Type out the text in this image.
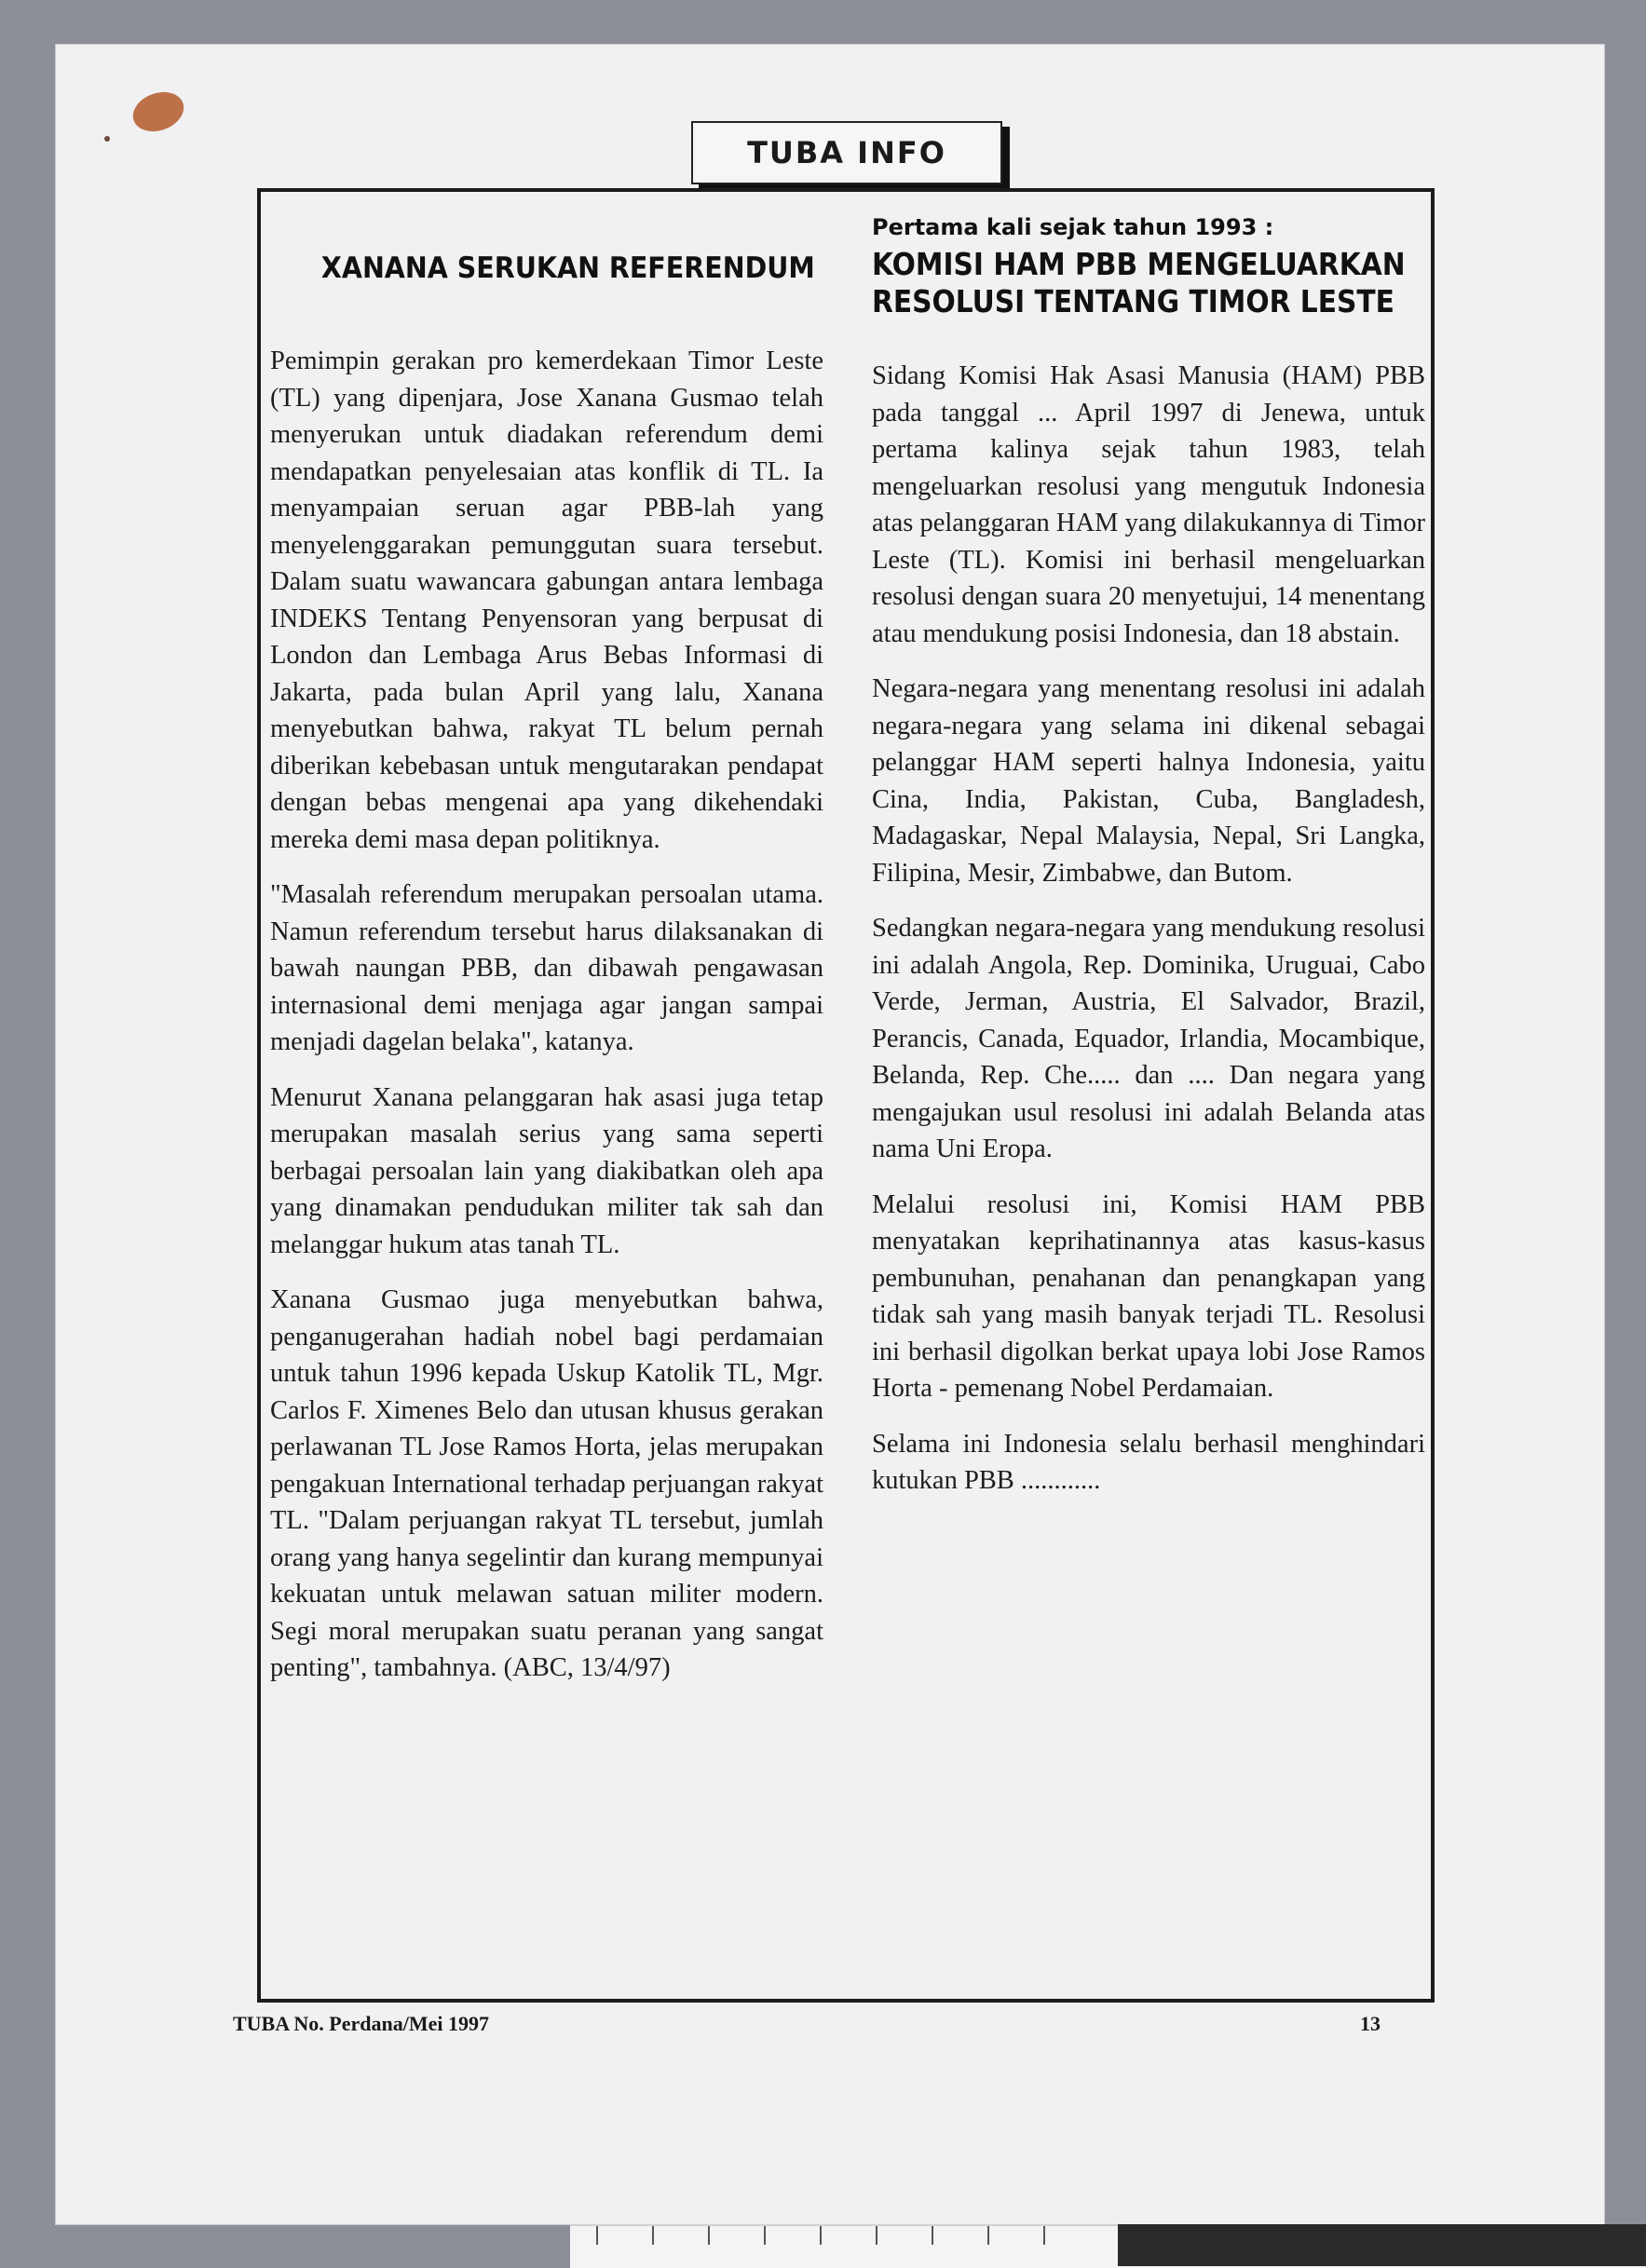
TUBA INFO
XANANA SERUKAN REFERENDUM

Pemimpin gerakan pro kemerdekaan Timor Leste (TL) yang dipenjara, Jose Xanana Gusmao telah menyerukan untuk diadakan referendum demi mendapatkan penyelesaian atas konflik di TL. Ia menyampaian seruan agar PBB-lah yang menyelenggarakan pemunggutan suara tersebut. Dalam suatu wawancara gabungan antara lembaga INDEKS Tentang Penyensoran yang berpusat di London dan Lembaga Arus Bebas Informasi di Jakarta, pada bulan April yang lalu, Xanana menyebutkan bahwa, rakyat TL belum pernah diberikan kebebasan untuk mengutarakan pendapat dengan bebas mengenai apa yang dikehendaki mereka demi masa depan politiknya.

"Masalah referendum merupakan persoalan utama. Namun referendum tersebut harus dilaksanakan di bawah naungan PBB, dan dibawah pengawasan internasional demi menjaga agar jangan sampai menjadi dagelan belaka", katanya.

Menurut Xanana pelanggaran hak asasi juga tetap merupakan masalah serius yang sama seperti berbagai persoalan lain yang diakibatkan oleh apa yang dinamakan pendudukan militer tak sah dan melanggar hukum atas tanah TL.

Xanana Gusmao juga menyebutkan bahwa, penganugerahan hadiah nobel bagi perdamaian untuk tahun 1996 kepada Uskup Katolik TL, Mgr. Carlos F. Ximenes Belo dan utusan khusus gerakan perlawanan TL Jose Ramos Horta, jelas merupakan pengakuan International terhadap perjuangan rakyat TL. "Dalam perjuangan rakyat TL tersebut, jumlah orang yang hanya segelintir dan kurang mempunyai kekuatan untuk melawan satuan militer modern. Segi moral merupakan suatu peranan yang sangat penting", tambahnya. (ABC, 13/4/97)

Pertama kali sejak tahun 1993 :
KOMISI HAM PBB MENGELUARKAN RESOLUSI TENTANG TIMOR LESTE

Sidang Komisi Hak Asasi Manusia (HAM) PBB pada tanggal ... April 1997 di Jenewa, untuk pertama kalinya sejak tahun 1983, telah mengeluarkan resolusi yang mengutuk Indonesia atas pelanggaran HAM yang dilakukannya di Timor Leste (TL). Komisi ini berhasil mengeluarkan resolusi dengan suara 20 menyetujui, 14 menentang atau mendukung posisi Indonesia, dan 18 abstain.

Negara-negara yang menentang resolusi ini adalah negara-negara yang selama ini dikenal sebagai pelanggar HAM seperti halnya Indonesia, yaitu Cina, India, Pakistan, Cuba, Bangladesh, Madagaskar, Nepal Malaysia, Nepal, Sri Langka, Filipina, Mesir, Zimbabwe, dan Butom.

Sedangkan negara-negara yang mendukung resolusi ini adalah Angola, Rep. Dominika, Uruguai, Cabo Verde, Jerman, Austria, El Salvador, Brazil, Perancis, Canada, Equador, Irlandia, Mocambique, Belanda, Rep. Che..... dan .... Dan negara yang mengajukan usul resolusi ini adalah Belanda atas nama Uni Eropa.

Melalui resolusi ini, Komisi HAM PBB menyatakan keprihatinannya atas kasus-kasus pembunuhan, penahanan dan penangkapan yang tidak sah yang masih banyak terjadi TL. Resolusi ini berhasil digolkan berkat upaya lobi Jose Ramos Horta - pemenang Nobel Perdamaian.

Selama ini Indonesia selalu berhasil menghindari kutukan PBB ............

TUBA No. Perdana/Mei 1997	13
